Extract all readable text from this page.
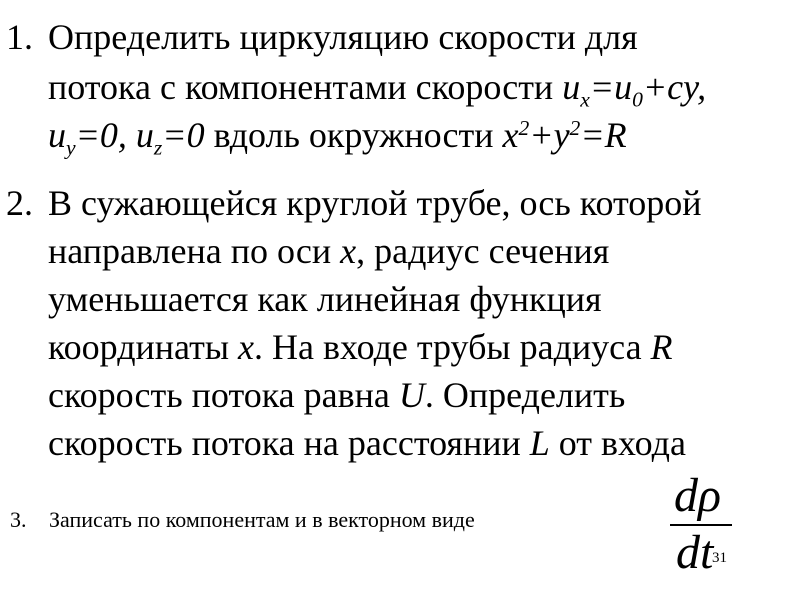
1. Определить циркуляцию скорости для
потока с компонентами скорости $u_x=u_0+cy$,
$u_y=0$, $u_z=0$ вдоль окружности $x^2+y^2=R$
2. В сужающейся круглой трубе, ось которой
направлена по оси x, радиус сечения
уменьшается как линейная функция
координаты x. На входе трубы радиуса R
скорость потока равна U. Определить
скорость потока на расстоянии L от входа
3. Записать по компонентам и в векторном виде	dρ
dt
31
